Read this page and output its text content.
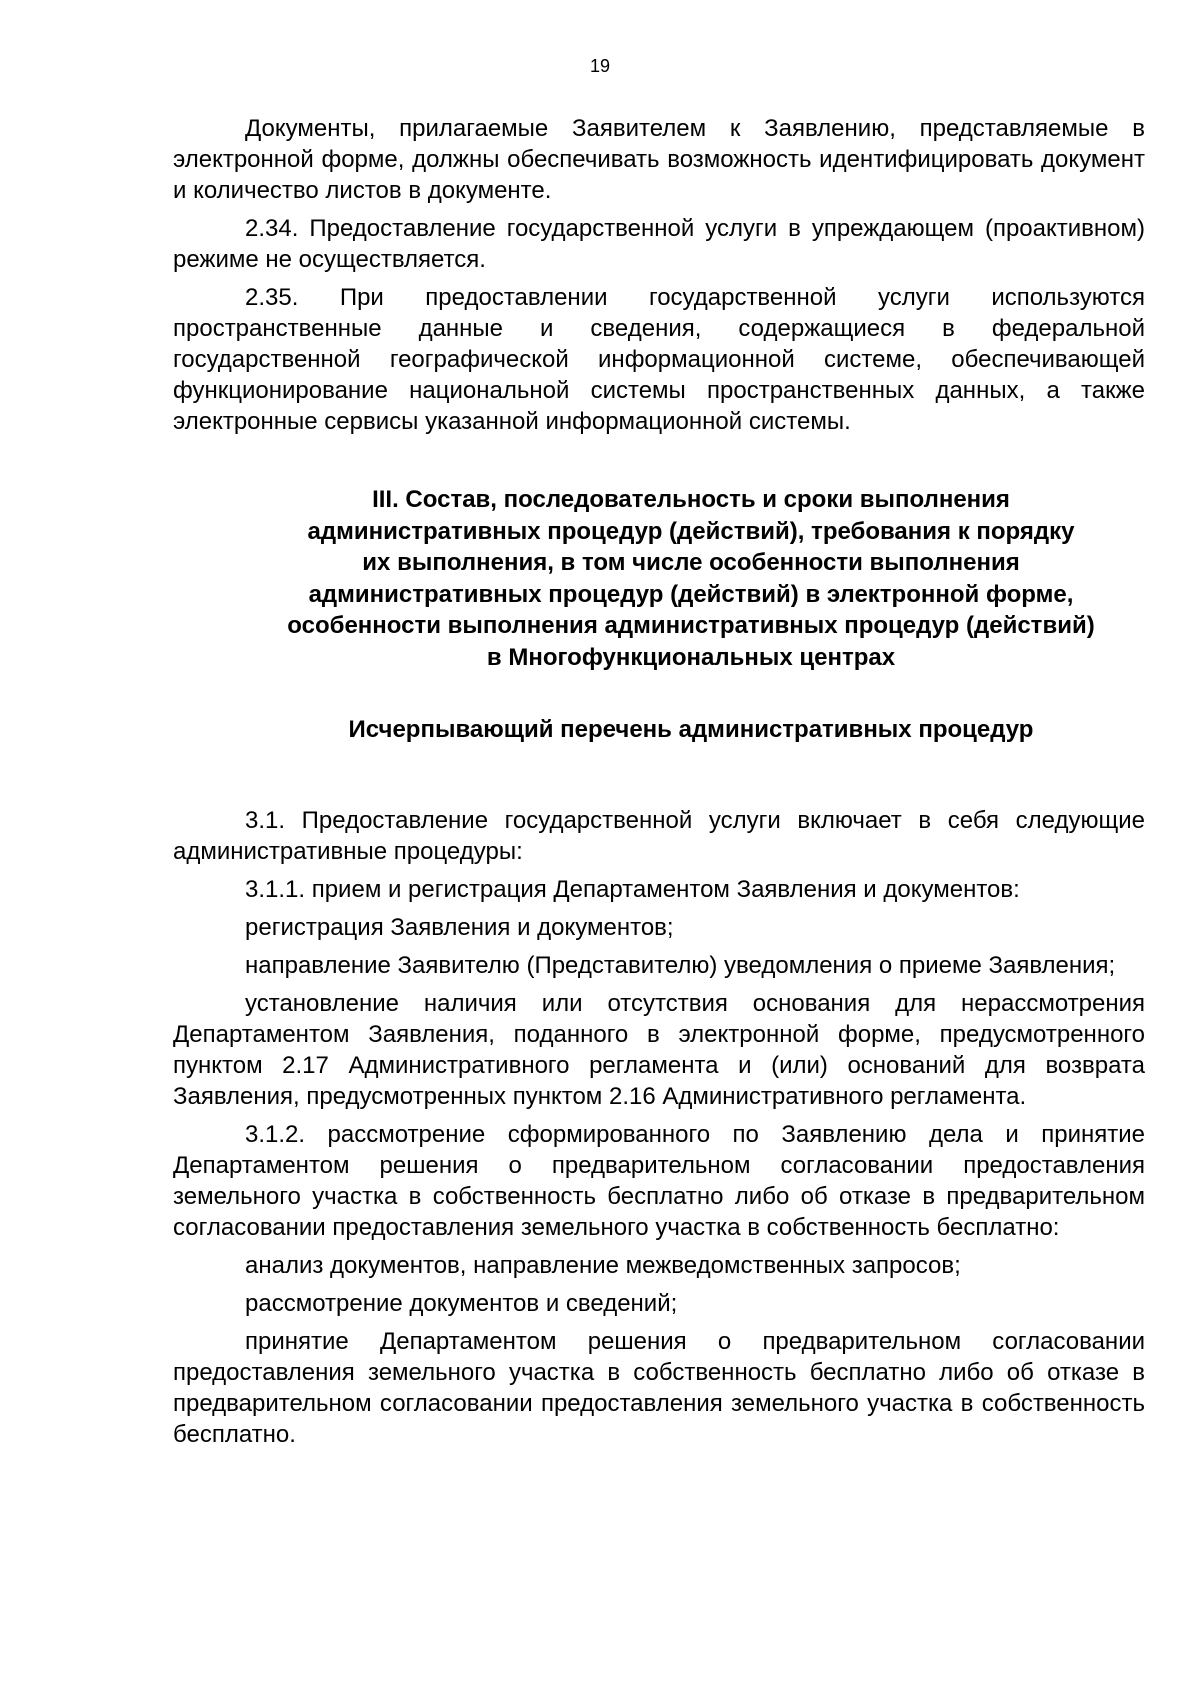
19

Документы, прилагаемые Заявителем к Заявлению, представляемые в электронной форме, должны обеспечивать возможность идентифицировать документ и количество листов в документе.

2.34. Предоставление государственной услуги в упреждающем (проактивном) режиме не осуществляется.

2.35. При предоставлении государственной услуги используются пространственные данные и сведения, содержащиеся в федеральной государственной географической информационной системе, обеспечивающей функционирование национальной системы пространственных данных, а также электронные сервисы указанной информационной системы.

III. Состав, последовательность и сроки выполнения
административных процедур (действий), требования к порядку
их выполнения, в том числе особенности выполнения
административных процедур (действий) в электронной форме,
особенности выполнения административных процедур (действий)
в Многофункциональных центрах
Исчерпывающий перечень административных процедур

3.1. Предоставление государственной услуги включает в себя следующие административные процедуры:

3.1.1. прием и регистрация Департаментом Заявления и документов:

регистрация Заявления и документов;

направление Заявителю (Представителю) уведомления о приеме Заявления;

установление наличия или отсутствия основания для нерассмотрения Департаментом Заявления, поданного в электронной форме, предусмотренного пунктом 2.17 Административного регламента и (или) оснований для возврата Заявления, предусмотренных пунктом 2.16 Административного регламента.

3.1.2. рассмотрение сформированного по Заявлению дела и принятие Департаментом решения о предварительном согласовании предоставления земельного участка в собственность бесплатно либо об отказе в предварительном согласовании предоставления земельного участка в собственность бесплатно:

анализ документов, направление межведомственных запросов;

рассмотрение документов и сведений;

принятие Департаментом решения о предварительном согласовании предоставления земельного участка в собственность бесплатно либо об отказе в предварительном согласовании предоставления земельного участка в собственность бесплатно.
